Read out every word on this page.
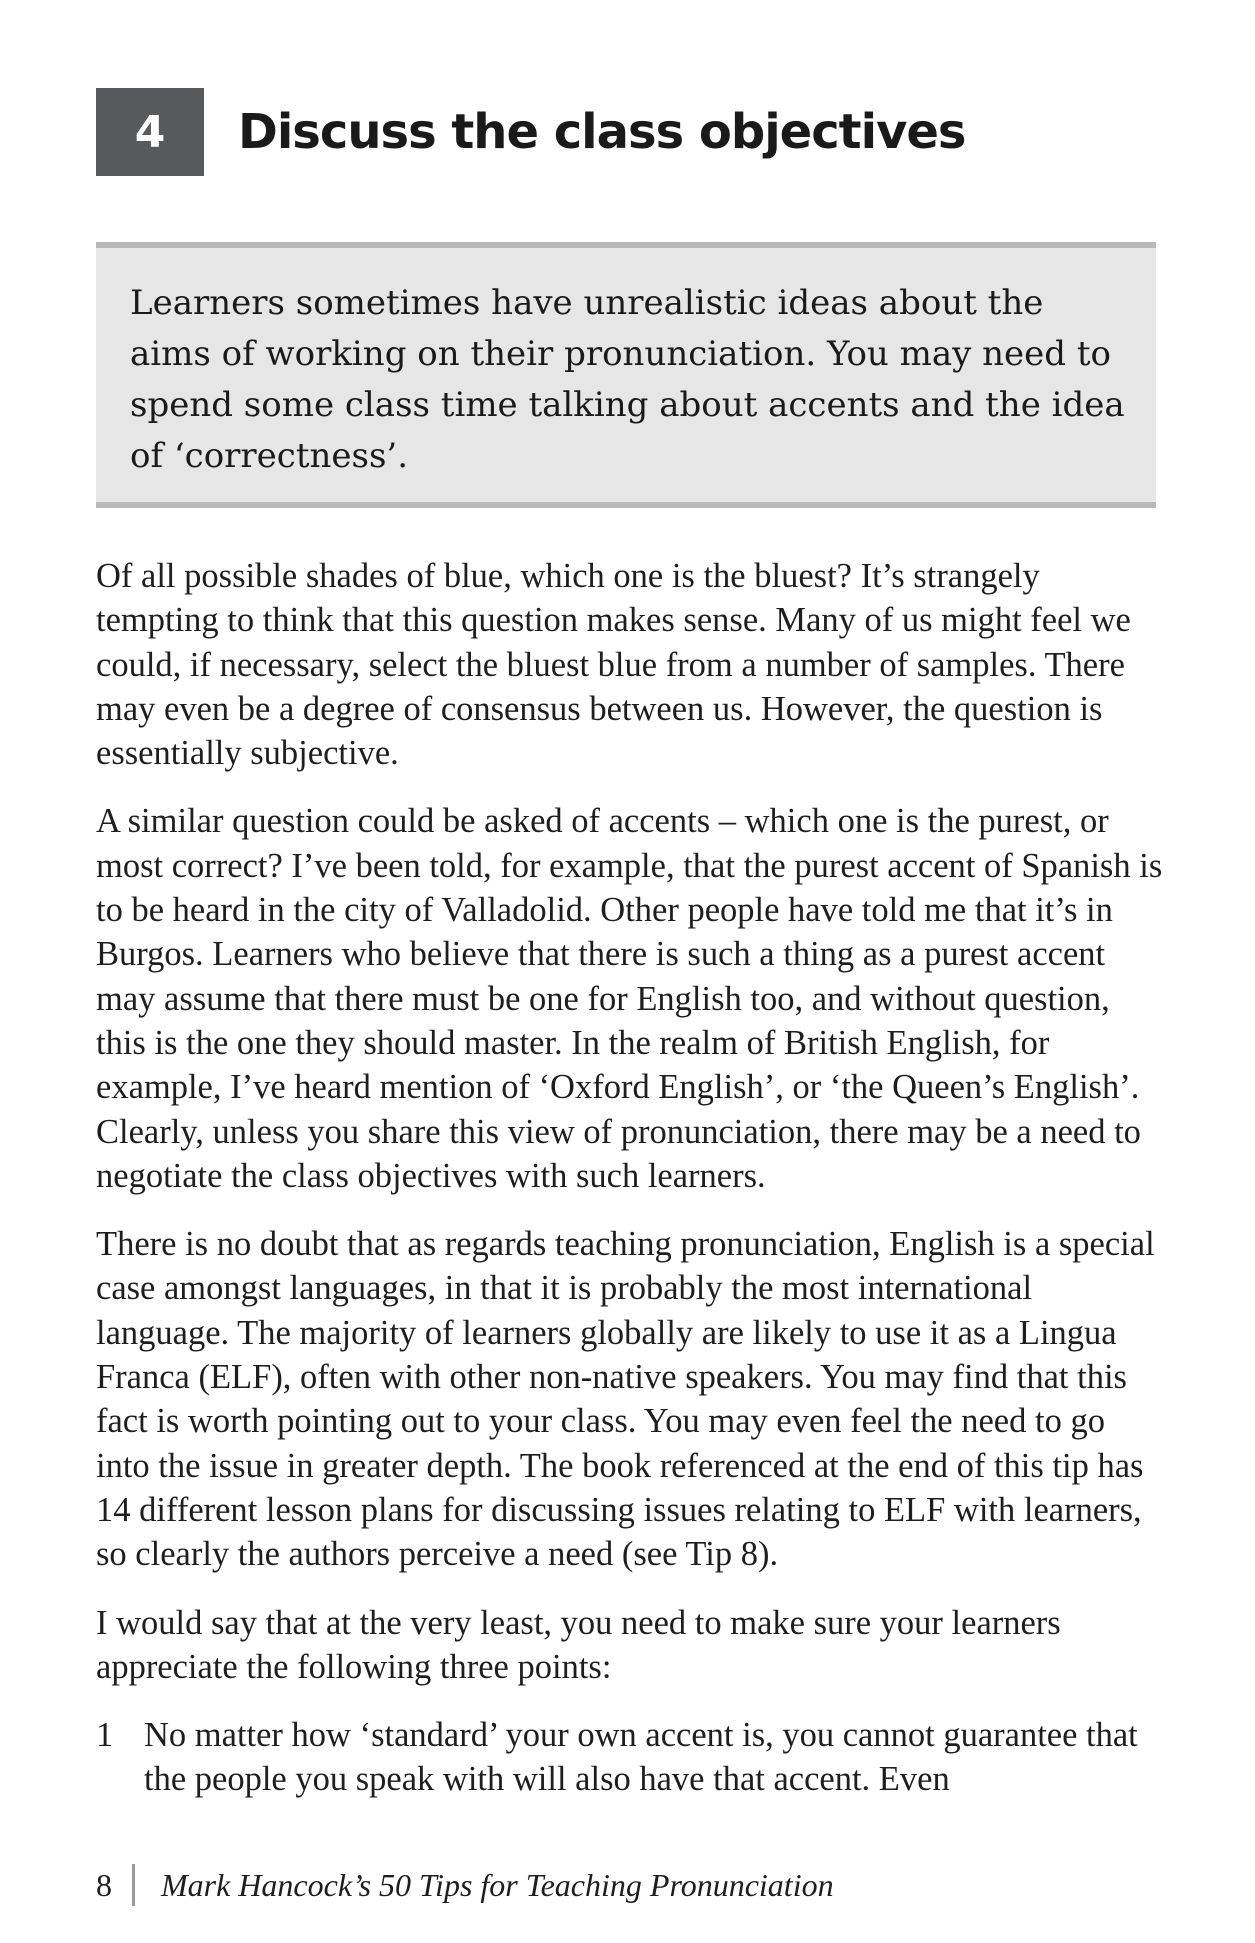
4	Discuss the class objectives

Learners sometimes have unrealistic ideas about the aims of working on their pronunciation. You may need to spend some class time talking about accents and the idea of ‘correctness’.

Of all possible shades of blue, which one is the bluest? It’s strangely tempting to think that this question makes sense. Many of us might feel we could, if necessary, select the bluest blue from a number of samples. There may even be a degree of consensus between us. However, the question is essentially subjective.

A similar question could be asked of accents – which one is the purest, or most correct? I’ve been told, for example, that the purest accent of Spanish is to be heard in the city of Valladolid. Other people have told me that it’s in Burgos. Learners who believe that there is such a thing as a purest accent may assume that there must be one for English too, and without question, this is the one they should master. In the realm of British English, for example, I’ve heard mention of ‘Oxford English’, or ‘the Queen’s English’. Clearly, unless you share this view of pronunciation, there may be a need to negotiate the class objectives with such learners.

There is no doubt that as regards teaching pronunciation, English is a special case amongst languages, in that it is probably the most international language. The majority of learners globally are likely to use it as a Lingua Franca (ELF), often with other non-native speakers. You may find that this fact is worth pointing out to your class. You may even feel the need to go into the issue in greater depth. The book referenced at the end of this tip has 14 different lesson plans for discussing issues relating to ELF with learners, so clearly the authors perceive a need (see Tip 8).

I would say that at the very least, you need to make sure your learners appreciate the following three points:

1 No matter how ‘standard’ your own accent is, you cannot guarantee that the people you speak with will also have that accent. Even
8 Mark Hancock’s 50 Tips for Teaching Pronunciation
